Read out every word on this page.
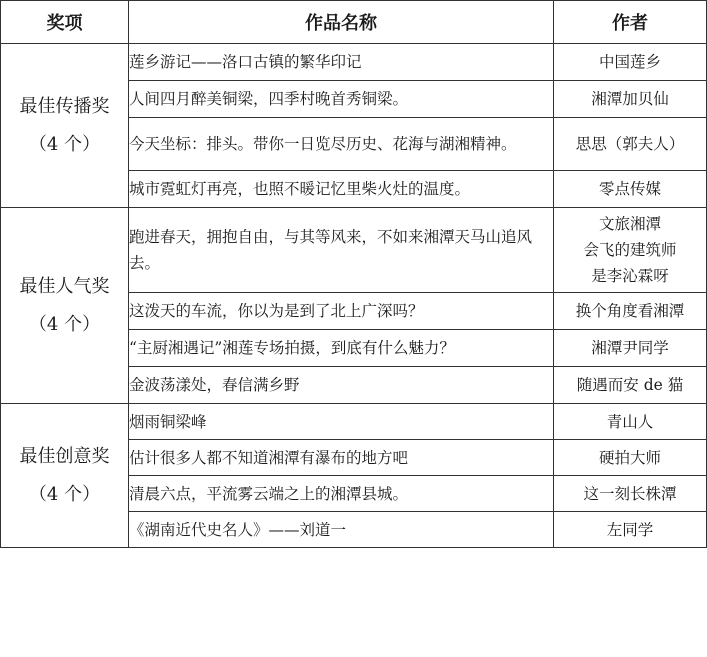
奖项	作品名称	作者

最佳传播奖
（4 个）	莲乡游记——洛口古镇的繁华印记	中国莲乡

	人间四月醉美铜梁，四季村晚首秀铜梁。	湘潭加贝仙

	今天坐标：排头。带你一日览尽历史、花海与湖湘精神。	思思（郭夫人）

	城市霓虹灯再亮，也照不暖记忆里柴火灶的温度。	零点传媒

最佳人气奖
（4 个）	跑进春天，拥抱自由，与其等风来，不如来湘潭天马山追风去。	文旅湘潭
会飞的建筑师
是李沁霖呀

	这泼天的车流，你以为是到了北上广深吗？	换个角度看湘潭

	“主厨湘遇记”湘莲专场拍摄，到底有什么魅力？	湘潭尹同学

	金波荡漾处，春信满乡野	随遇而安 de 猫

最佳创意奖
（4 个）	烟雨铜梁峰	青山人

	估计很多人都不知道湘潭有瀑布的地方吧	硬拍大师

	清晨六点，平流雾云端之上的湘潭县城。	这一刻长株潭

	《湖南近代史名人》——刘道一	左同学
